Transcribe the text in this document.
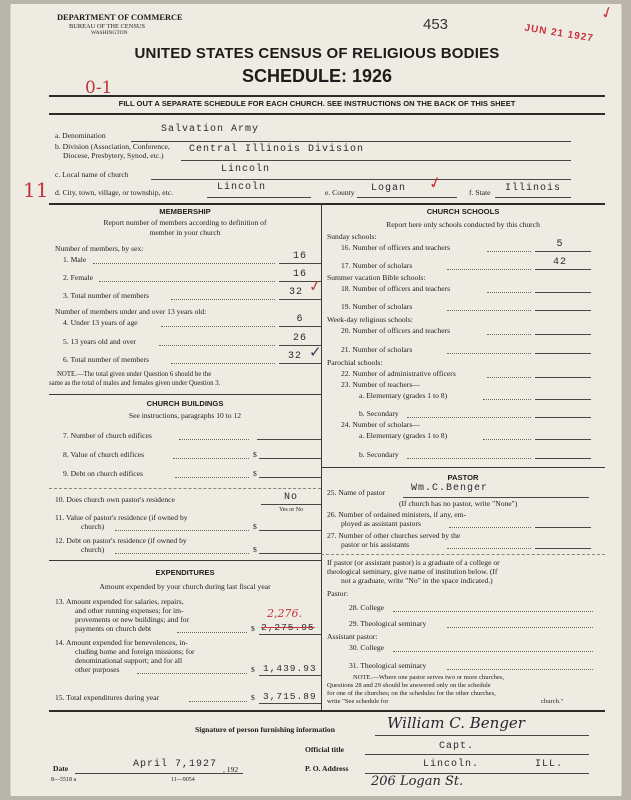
DEPARTMENT OF COMMERCE
BUREAU OF THE CENSUS
WASHINGTON	453	JUN 21 1927
✓
UNITED STATES CENSUS OF RELIGIOUS BODIES
SCHEDULE: 1926
0-1
11
FILL OUT A SEPARATE SCHEDULE FOR EACH CHURCH. SEE INSTRUCTIONS ON THE BACK OF THIS SHEET
a. Denomination
Salvation Army
b. Division (Association, Conference,
Diocese, Presbytery, Synod, etc.)
Central Illinois Division
c. Local name of church	Lincoln
d. City, town, village, or township, etc.	Lincoln	e. County Logan ✓	f. State Illinois
MEMBERSHIP
Report number of members according to definition of
member in your church
Number of members, by sex:
1. Male	16
2. Female	16
3. Total number of members	32 ✓
Number of members under and over 13 years old:
4. Under 13 years of age	6
5. 13 years old and over	26
6. Total number of members	32 ✓
NOTE.—The total given under Question 6 should be the
same as the total of males and females given under Question 3.
CHURCH BUILDINGS
See instructions, paragraphs 10 to 12
7. Number of church edifices
8. Value of church edifices	$
9. Debt on church edifices	$
10. Does church own pastor's residence	No
Yes or No
11. Value of pastor's residence (if owned by
church)	$
12. Debt on pastor's residence (if owned by
church)	$
EXPENDITURES
Amount expended by your church during last fiscal year
13. Amount expended for salaries, repairs,
and other running expenses; for im-
provements or new buildings; and for
payments on church debt	$ 2,275.95
2,276.
14. Amount expended for benevolences, in-
cluding home and foreign missions; for
denominational support; and for all
other purposes	$ 1,439.93
15. Total expenditures during year	$ 3,715.89
CHURCH SCHOOLS
Report here only schools conducted by this church
Sunday schools:
16. Number of officers and teachers	5
17. Number of scholars	42
Summer vacation Bible schools:
18. Number of officers and teachers
19. Number of scholars
Week-day religious schools:
20. Number of officers and teachers
21. Number of scholars
Parochial schools:
22. Number of administrative officers
23. Number of teachers—
a. Elementary (grades 1 to 8)
b. Secondary
24. Number of scholars—
a. Elementary (grades 1 to 8)
b. Secondary
PASTOR
25. Name of pastor	Wm.C.Benger
(If church has no pastor, write "None")
26. Number of ordained ministers, if any, em-
ployed as assistant pastors
27. Number of other churches served by the
pastor or his assistants
If pastor (or assistant pastor) is a graduate of a college or
theological seminary, give name of institution below. (If
not a graduate, write "No" in the space indicated.)
Pastor:
28. College
29. Theological seminary
Assistant pastor:
30. College
31. Theological seminary
NOTE.—Where one pastor serves two or more churches,
Questions 28 and 29 should be answered only on the schedule
for one of the churches; on the schedules for the other churches,
write "See schedule for	church."
Signature of person furnishing information	William C. Benger
Official title	Capt.
Date	April 7,1927 , 192	P. O. Address	Lincoln.	ILL.
206 Logan St.
8—5518 a	11—9054
